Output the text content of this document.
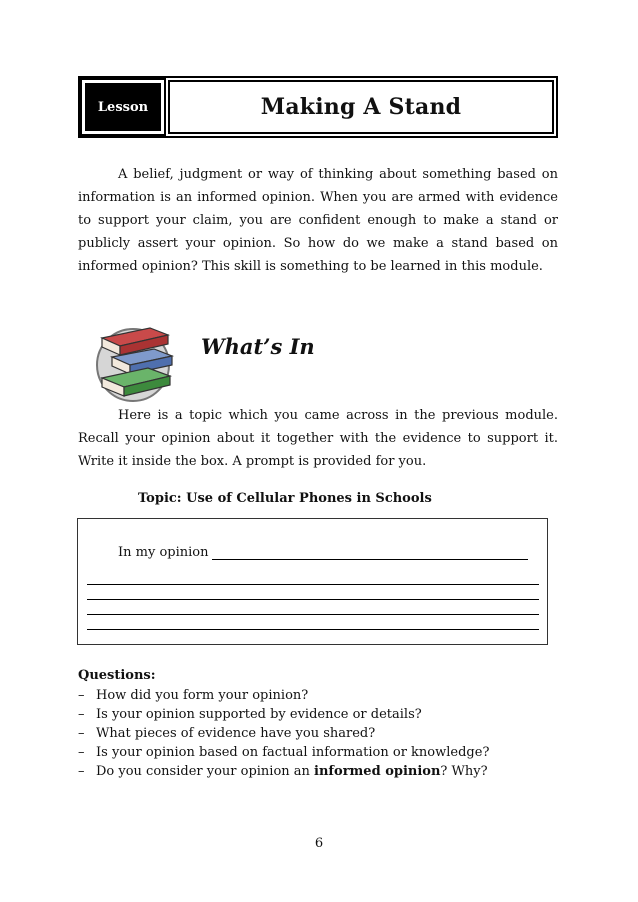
Lesson	Making A Stand

A belief, judgment or way of thinking about something based on information is an informed opinion. When you are armed with evidence to support your claim, you are confident enough to make a stand or publicly assert your opinion. So how do we make a stand based on informed opinion? This skill is something to be learned in this module.

What’s In

Here is a topic which you came across in the previous module. Recall your opinion about it together with the evidence to support it. Write it inside the box. A prompt is provided for you.

Topic: Use of Cellular Phones in Schools
In my opinion
Questions:
– How did you form your opinion?
– Is your opinion supported by evidence or details?
– What pieces of evidence have you shared?
– Is your opinion based on factual information or knowledge?
– Do you consider your opinion an informed opinion? Why?
6
